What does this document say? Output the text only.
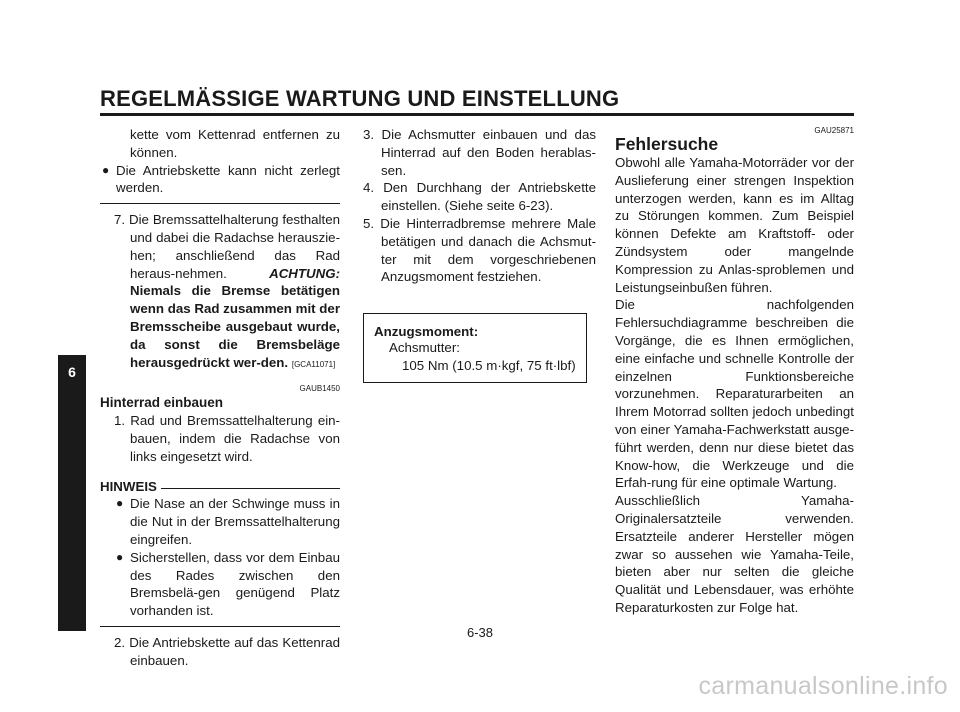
REGELMÄSSIGE WARTUNG UND EINSTELLUNG
6
kette vom Kettenrad entfernen zu
können.
● Die Antriebskette kann nicht zerlegt werden.
7. Die Bremssattelhalterung festhalten und dabei die Radachse herauszie-hen; anschließend das Rad heraus-nehmen.	ACHTUNG: Niemals die Bremse betätigen wenn das Rad zusammen mit der Bremsscheibe ausgebaut wurde, da sonst die Bremsbeläge herausgedrückt wer-den. [GCA11071]
GAUB1450
Hinterrad einbauen
1. Rad und Bremssattelhalterung ein-bauen, indem die Radachse von links eingesetzt wird.
HINWEIS
● Die Nase an der Schwinge muss in die Nut in der Bremssattelhalterung eingreifen.
● Sicherstellen, dass vor dem Einbau des Rades zwischen den Bremsbelä-gen genügend Platz vorhanden ist.
2. Die Antriebskette auf das Kettenrad einbauen.
3. Die Achsmutter einbauen und das Hinterrad auf den Boden herablas-sen.
4. Den Durchhang der Antriebskette einstellen. (Siehe seite 6-23).
5. Die Hinterradbremse mehrere Male betätigen und danach die Achsmut-ter mit dem vorgeschriebenen Anzugsmoment festziehen.
Anzugsmoment:
Achsmutter:
105 Nm (10.5 m·kgf, 75 ft·lbf)
GAU25871
Fehlersuche
Obwohl alle Yamaha-Motorräder vor der Auslieferung einer strengen Inspektion unterzogen werden, kann es im Alltag zu Störungen kommen. Zum Beispiel können Defekte am Kraftstoff- oder Zündsystem oder mangelnde Kompression zu Anlas-sproblemen und Leistungseinbußen führen.
Die nachfolgenden Fehlersuchdiagramme beschreiben die Vorgänge, die es Ihnen ermöglichen, eine einfache und schnelle Kontrolle der einzelnen Funktionsbereiche vorzunehmen. Reparaturarbeiten an Ihrem Motorrad sollten jedoch unbedingt von einer Yamaha-Fachwerkstatt ausge-führt werden, denn nur diese bietet das Know-how, die Werkzeuge und die Erfah-rung für eine optimale Wartung.
Ausschließlich Yamaha-Originalersatzteile verwenden. Ersatzteile anderer Hersteller mögen zwar so aussehen wie Yamaha-Teile, bieten aber nur selten die gleiche Qualität und Lebensdauer, was erhöhte Reparaturkosten zur Folge hat.
6-38
carmanualsonline.info
